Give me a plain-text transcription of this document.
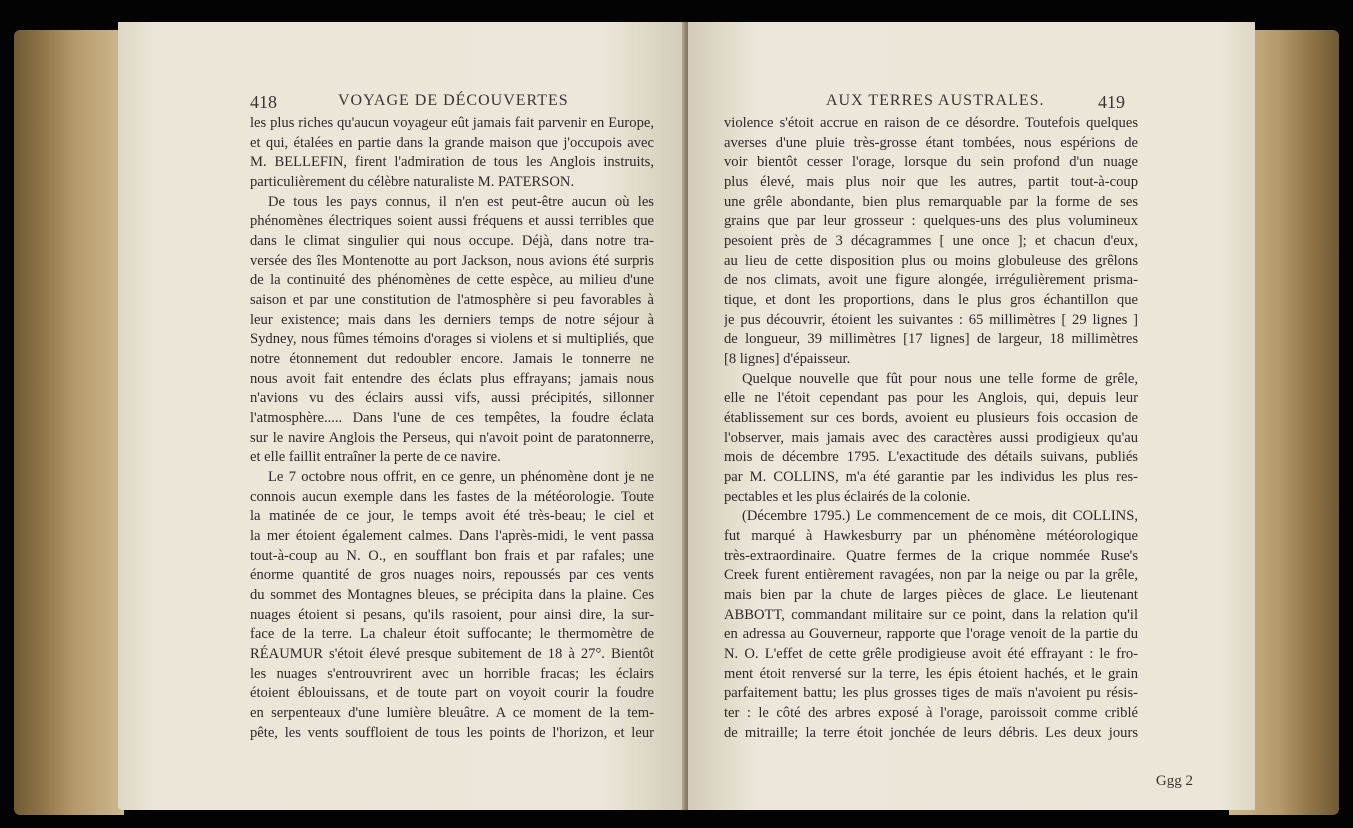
418	VOYAGE DE DÉCOUVERTES
les plus riches qu'aucun voyageur eût jamais fait parvenir en Europe,
et qui, étalées en partie dans la grande maison que j'occupois avec
M. BELLEFIN, firent l'admiration de tous les Anglois instruits,
particulièrement du célèbre naturaliste M. PATERSON.
De tous les pays connus, il n'en est peut-être aucun où les
phénomènes électriques soient aussi fréquens et aussi terribles que
dans le climat singulier qui nous occupe. Déjà, dans notre tra-
versée des îles Montenotte au port Jackson, nous avions été surpris
de la continuité des phénomènes de cette espèce, au milieu d'une
saison et par une constitution de l'atmosphère si peu favorables à
leur existence; mais dans les derniers temps de notre séjour à
Sydney, nous fûmes témoins d'orages si violens et si multipliés, que
notre étonnement dut redoubler encore. Jamais le tonnerre ne
nous avoit fait entendre des éclats plus effrayans; jamais nous
n'avions vu des éclairs aussi vifs, aussi précipités, sillonner
l'atmosphère..... Dans l'une de ces tempêtes, la foudre éclata
sur le navire Anglois the Perseus, qui n'avoit point de paratonnerre,
et elle faillit entraîner la perte de ce navire.
Le 7 octobre nous offrit, en ce genre, un phénomène dont je ne
connois aucun exemple dans les fastes de la météorologie. Toute
la matinée de ce jour, le temps avoit été très-beau; le ciel et
la mer étoient également calmes. Dans l'après-midi, le vent passa
tout-à-coup au N. O., en soufflant bon frais et par rafales; une
énorme quantité de gros nuages noirs, repoussés par ces vents
du sommet des Montagnes bleues, se précipita dans la plaine. Ces
nuages étoient si pesans, qu'ils rasoient, pour ainsi dire, la sur-
face de la terre. La chaleur étoit suffocante; le thermomètre de
RÉAUMUR s'étoit élevé presque subitement de 18 à 27°. Bientôt
les nuages s'entrouvrirent avec un horrible fracas; les éclairs
étoient éblouissans, et de toute part on voyoit courir la foudre
en serpenteaux d'une lumière bleuâtre. A ce moment de la tem-
pête, les vents souffloient de tous les points de l'horizon, et leur
AUX TERRES AUSTRALES.	419
violence s'étoit accrue en raison de ce désordre. Toutefois quelques
averses d'une pluie très-grosse étant tombées, nous espérions de
voir bientôt cesser l'orage, lorsque du sein profond d'un nuage
plus élevé, mais plus noir que les autres, partit tout-à-coup
une grêle abondante, bien plus remarquable par la forme de ses
grains que par leur grosseur : quelques-uns des plus volumineux
pesoient près de 3 décagrammes [ une once ]; et chacun d'eux,
au lieu de cette disposition plus ou moins globuleuse des grêlons
de nos climats, avoit une figure alongée, irrégulièrement prisma-
tique, et dont les proportions, dans le plus gros échantillon que
je pus découvrir, étoient les suivantes : 65 millimètres [ 29 lignes ]
de longueur, 39 millimètres [17 lignes] de largeur, 18 millimètres
[8 lignes] d'épaisseur.
Quelque nouvelle que fût pour nous une telle forme de grêle,
elle ne l'étoit cependant pas pour les Anglois, qui, depuis leur
établissement sur ces bords, avoient eu plusieurs fois occasion de
l'observer, mais jamais avec des caractères aussi prodigieux qu'au
mois de décembre 1795. L'exactitude des détails suivans, publiés
par M. COLLINS, m'a été garantie par les individus les plus res-
pectables et les plus éclairés de la colonie.
(Décembre 1795.) Le commencement de ce mois, dit COLLINS,
fut marqué à Hawkesburry par un phénomène météorologique
très-extraordinaire. Quatre fermes de la crique nommée Ruse's
Creek furent entièrement ravagées, non par la neige ou par la grêle,
mais bien par la chute de larges pièces de glace. Le lieutenant
ABBOTT, commandant militaire sur ce point, dans la relation qu'il
en adressa au Gouverneur, rapporte que l'orage venoit de la partie du
N. O. L'effet de cette grêle prodigieuse avoit été effrayant : le fro-
ment étoit renversé sur la terre, les épis étoient hachés, et le grain
parfaitement battu; les plus grosses tiges de maïs n'avoient pu résis-
ter : le côté des arbres exposé à l'orage, paroissoit comme criblé
de mitraille; la terre étoit jonchée de leurs débris. Les deux jours
Ggg 2
